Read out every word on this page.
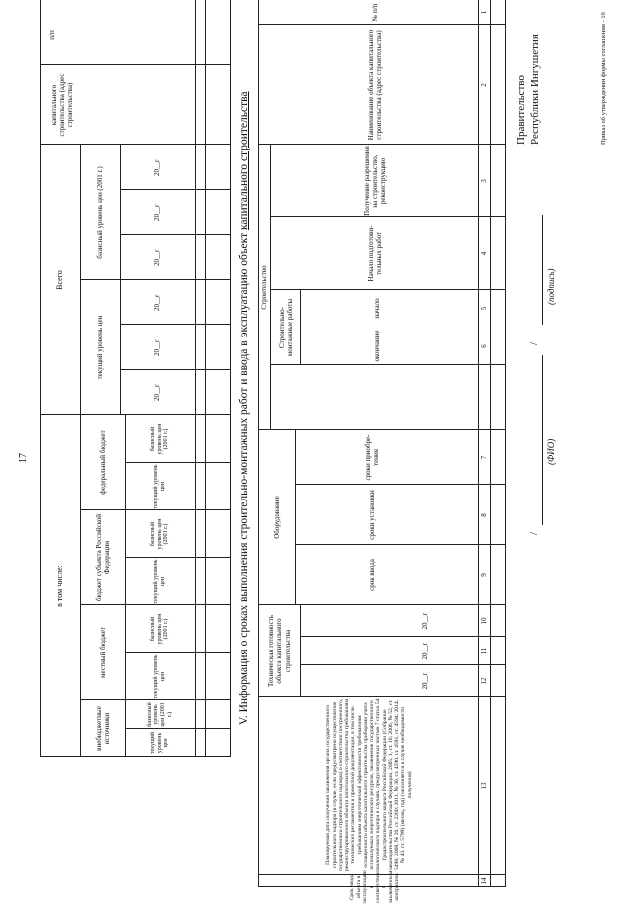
17
п/п
капитального строительства (адрес строительства)
Всего
в том числе:
базисный уровень цен (2001 г.)
текущий уровень цен
20__г
20__г
20__г
20__г
20__г
20__г
федеральный бюджет
бюджет субъекта Российской Федерации
местный бюджет
внебюджетные источники
базисный уровень цен (2001 г.)
текущий уровень цен
базисный уровень цен (2001 г.)
текущий уровень цен
базисный уровень цен (2001 г.)
текущий уровень цен
базисный уровень цен (2001 г.)
текущий уровень цен
V. Информация о сроках выполнения строительно-монтажных работ и ввода в эксплуатацию объект капитального строительства
№ п/п
Наименование объекта капитального строительства (адрес строительства)
Строительство
Получение разрешения на строительство, реконструкцию
Начало подготови-тельных работ
Строительно-монтажные работы	начало
окончание
Оборудование
сроки приобре-тения
сроки установки
срок ввода
Техническая готовность объекта капитального строительства
20__г
20__г
20__г
Планируемая дата получения заключения органа государственного строительного надзора (в случае, если предусмотрено осуществление государственного строительного надзора) о соответствии построенного, реконструированного объекта капитального строительства требованиям технических регламентов и проектной документации, в том числе требованиям энергетической эффективности требованиям оснащенности объекта капитального строительства приборами учета используемых энергетических ресурсов, заключение государственного экологического надзора в случаях, предусмотренных частью 7 статьи 54 Градостроительного кодекса Российской Федерации (Собрание законодательства Российской Федерации, 2005, 1, ст. 16; 2006, № 52, ст. 5498; 2008, № 20, ст. 2260; 2011, № 30, ст. 4590, ст. 4591, ст. 4594; 2014, № 43, ст. 5799) (месяц, год) (заполняется в случае необходимости получения)
Срок ввода объекта в эксплуатацию в соответствии с заключенным контрактом
1
2
3
4
5
6
7
8
9
10
11
12
13
14
Правительство Республики Ингушетия
(подпись)
/
/
(ФИО)
Приказ об утверждении формы соглашения - 10
